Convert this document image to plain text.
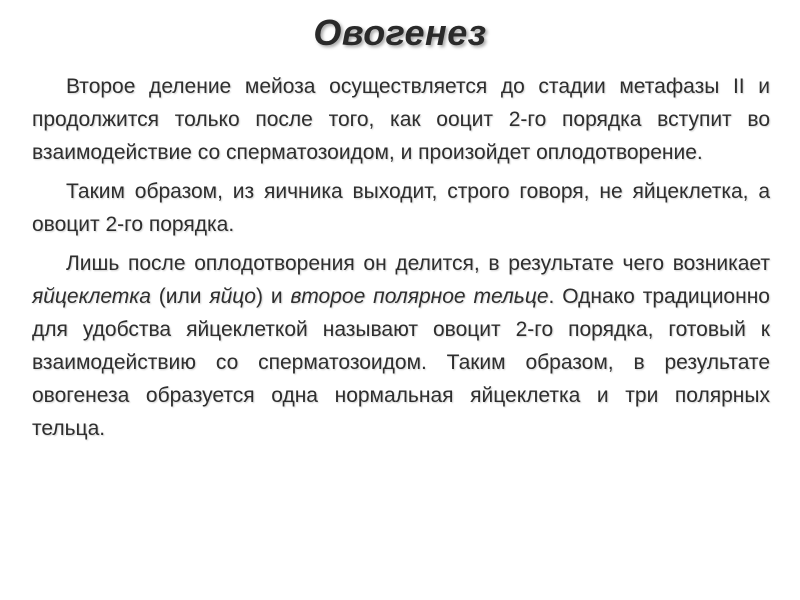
Овогенез

Второе деление мейоза осуществляется до стадии метафазы II и продолжится только после того, как ооцит 2-го порядка вступит во взаимодействие со сперматозоидом, и произойдет оплодотворение.

Таким образом, из яичника выходит, строго говоря, не яйцеклетка, а овоцит 2-го порядка.

Лишь после оплодотворения он делится, в результате чего возникает яйцеклетка (или яйцо) и второе полярное тельце. Однако традиционно для удобства яйцеклеткой называют овоцит 2-го порядка, готовый к взаимодействию со сперматозоидом. Таким образом, в результате овогенеза образуется одна нормальная яйцеклетка и три полярных тельца.
